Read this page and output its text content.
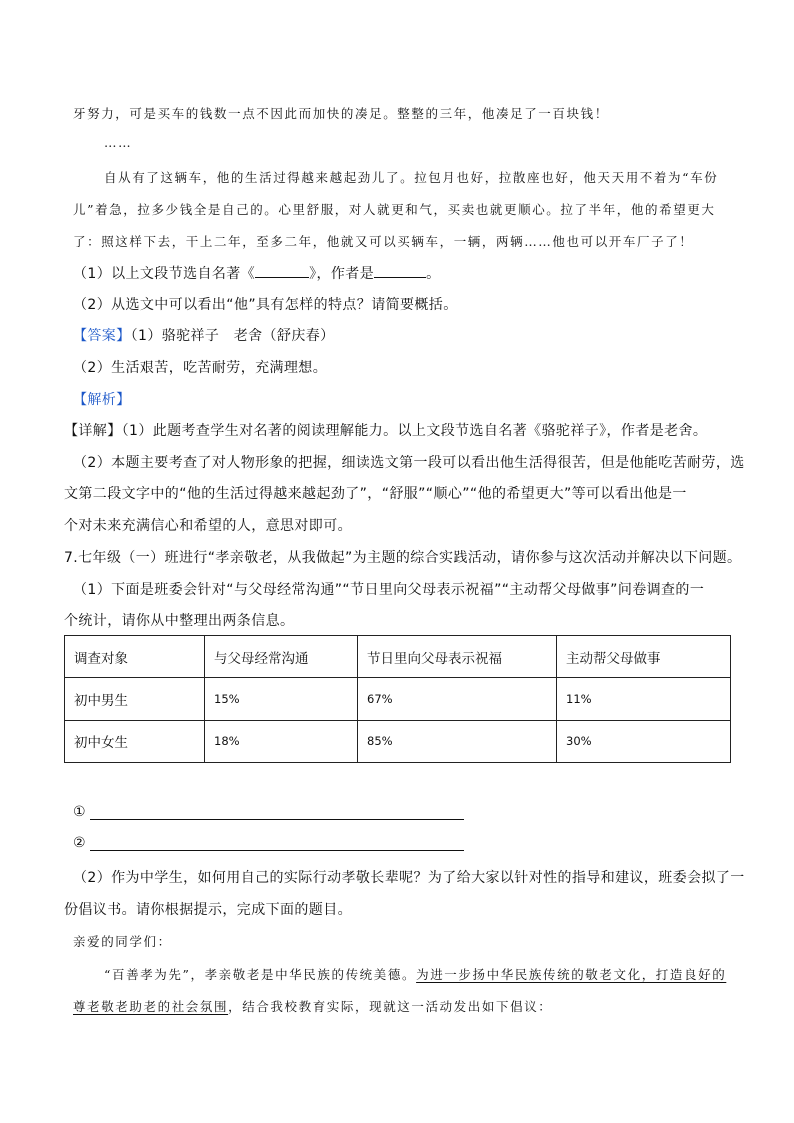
牙努力，可是买车的钱数一点不因此而加快的凑足。整整的三年，他凑足了一百块钱！
……
自从有了这辆车，他的生活过得越来越起劲儿了。拉包月也好，拉散座也好，他天天用不着为“车份
儿”着急，拉多少钱全是自己的。心里舒服，对人就更和气，买卖也就更顺心。拉了半年，他的希望更大
了：照这样下去，干上二年，至多二年，他就又可以买辆车，一辆，两辆……他也可以开车厂子了！
（1）以上文段节选自名著《	》，作者是	。
（2）从选文中可以看出“他”具有怎样的特点？请简要概括。
【答案】（1）骆驼祥子　老舍（舒庆春）
（2）生活艰苦，吃苦耐劳，充满理想。
【解析】
【详解】（1）此题考查学生对名著的阅读理解能力。以上文段节选自名著《骆驼祥子》，作者是老舍。
（2）本题主要考查了对人物形象的把握，细读选文第一段可以看出他生活得很苦，但是他能吃苦耐劳，选
文第二段文字中的“他的生活过得越来越起劲了”，“舒服”“顺心”“他的希望更大”等可以看出他是一
个对未来充满信心和希望的人，意思对即可。
7.七年级（一）班进行“孝亲敬老，从我做起”为主题的综合实践活动，请你参与这次活动并解决以下问题。
（1）下面是班委会针对“与父母经常沟通”“节日里向父母表示祝福”“主动帮父母做事”问卷调查的一
个统计，请你从中整理出两条信息。
调查对象	与父母经常沟通	节日里向父母表示祝福	主动帮父母做事
初中男生	15%	67%	11%
初中女生	18%	85%	30%
①
②
（2）作为中学生，如何用自己的实际行动孝敬长辈呢？为了给大家以针对性的指导和建议，班委会拟了一
份倡议书。请你根据提示，完成下面的题目。
亲爱的同学们：
“百善孝为先”，孝亲敬老是中华民族的传统美德。为进一步扬中华民族传统的敬老文化，打造良好的
尊老敬老助老的社会氛围，结合我校教育实际，现就这一活动发出如下倡议：
